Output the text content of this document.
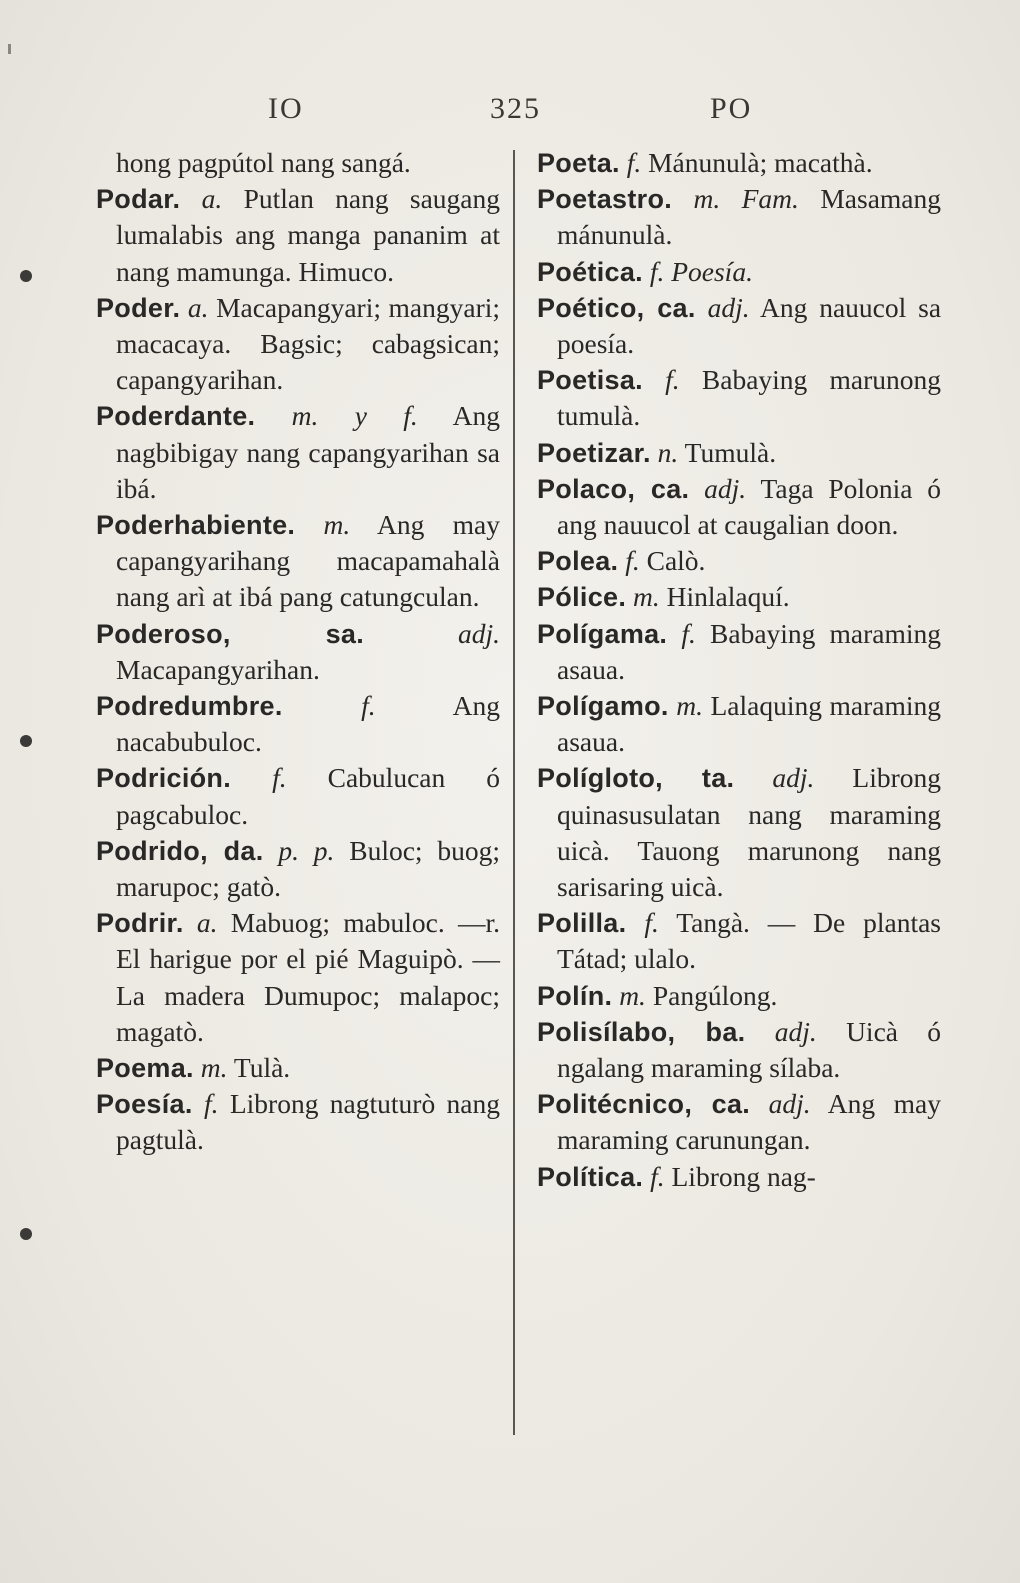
IO	325	PO

hong pagpútol nang sangá.

Podar. a. Putlan nang saugang lumalabis ang manga pananim at nang mamunga. Himuco.

Poder. a. Macapangyari; mangyari; macacaya. Bagsic; cabagsican; capangyarihan.

Poderdante. m. y f. Ang nagbibigay nang capangyarihan sa ibá.

Poderhabiente. m. Ang may capangyarihang macapamahalà nang arì at ibá pang catungculan.

Poderoso, sa.	adj. Macapangyarihan.

Podredumbre.	f.	Ang nacabubuloc.

Podrición. f. Cabulucan ó pagcabuloc.

Podrido, da. p. p. Buloc; buog; marupoc; gatò.

Podrir. a. Mabuog; mabuloc. —r. El harigue por el pié Maguipò. — La madera Dumupoc; malapoc; magatò.

Poema. m. Tulà.

Poesía. f. Librong nagtuturò nang pagtulà.

Poeta. f. Mánunulà; macathà.

Poetastro. m. Fam. Masamang mánunulà.

Poética. f. Poesía.

Poético, ca. adj. Ang nauucol sa poesía.

Poetisa. f. Babaying marunong tumulà.

Poetizar. n. Tumulà.

Polaco, ca. adj. Taga Polonia ó ang nauucol at caugalian doon.

Polea. f. Calò.

Pólice. m. Hinlalaquí.

Polígama. f. Babaying maraming asaua.

Polígamo. m. Lalaquing maraming asaua.

Polígloto, ta. adj. Librong quinasusulatan nang maraming uicà. Tauong marunong nang sarisaring uicà.

Polilla. f. Tangà. — De plantas Tátad; ulalo.

Polín. m. Pangúlong.

Polisílabo, ba. adj. Uicà ó ngalang maraming sílaba.

Politécnico, ca. adj. Ang may maraming carunungan.

Política. f. Librong nag-
